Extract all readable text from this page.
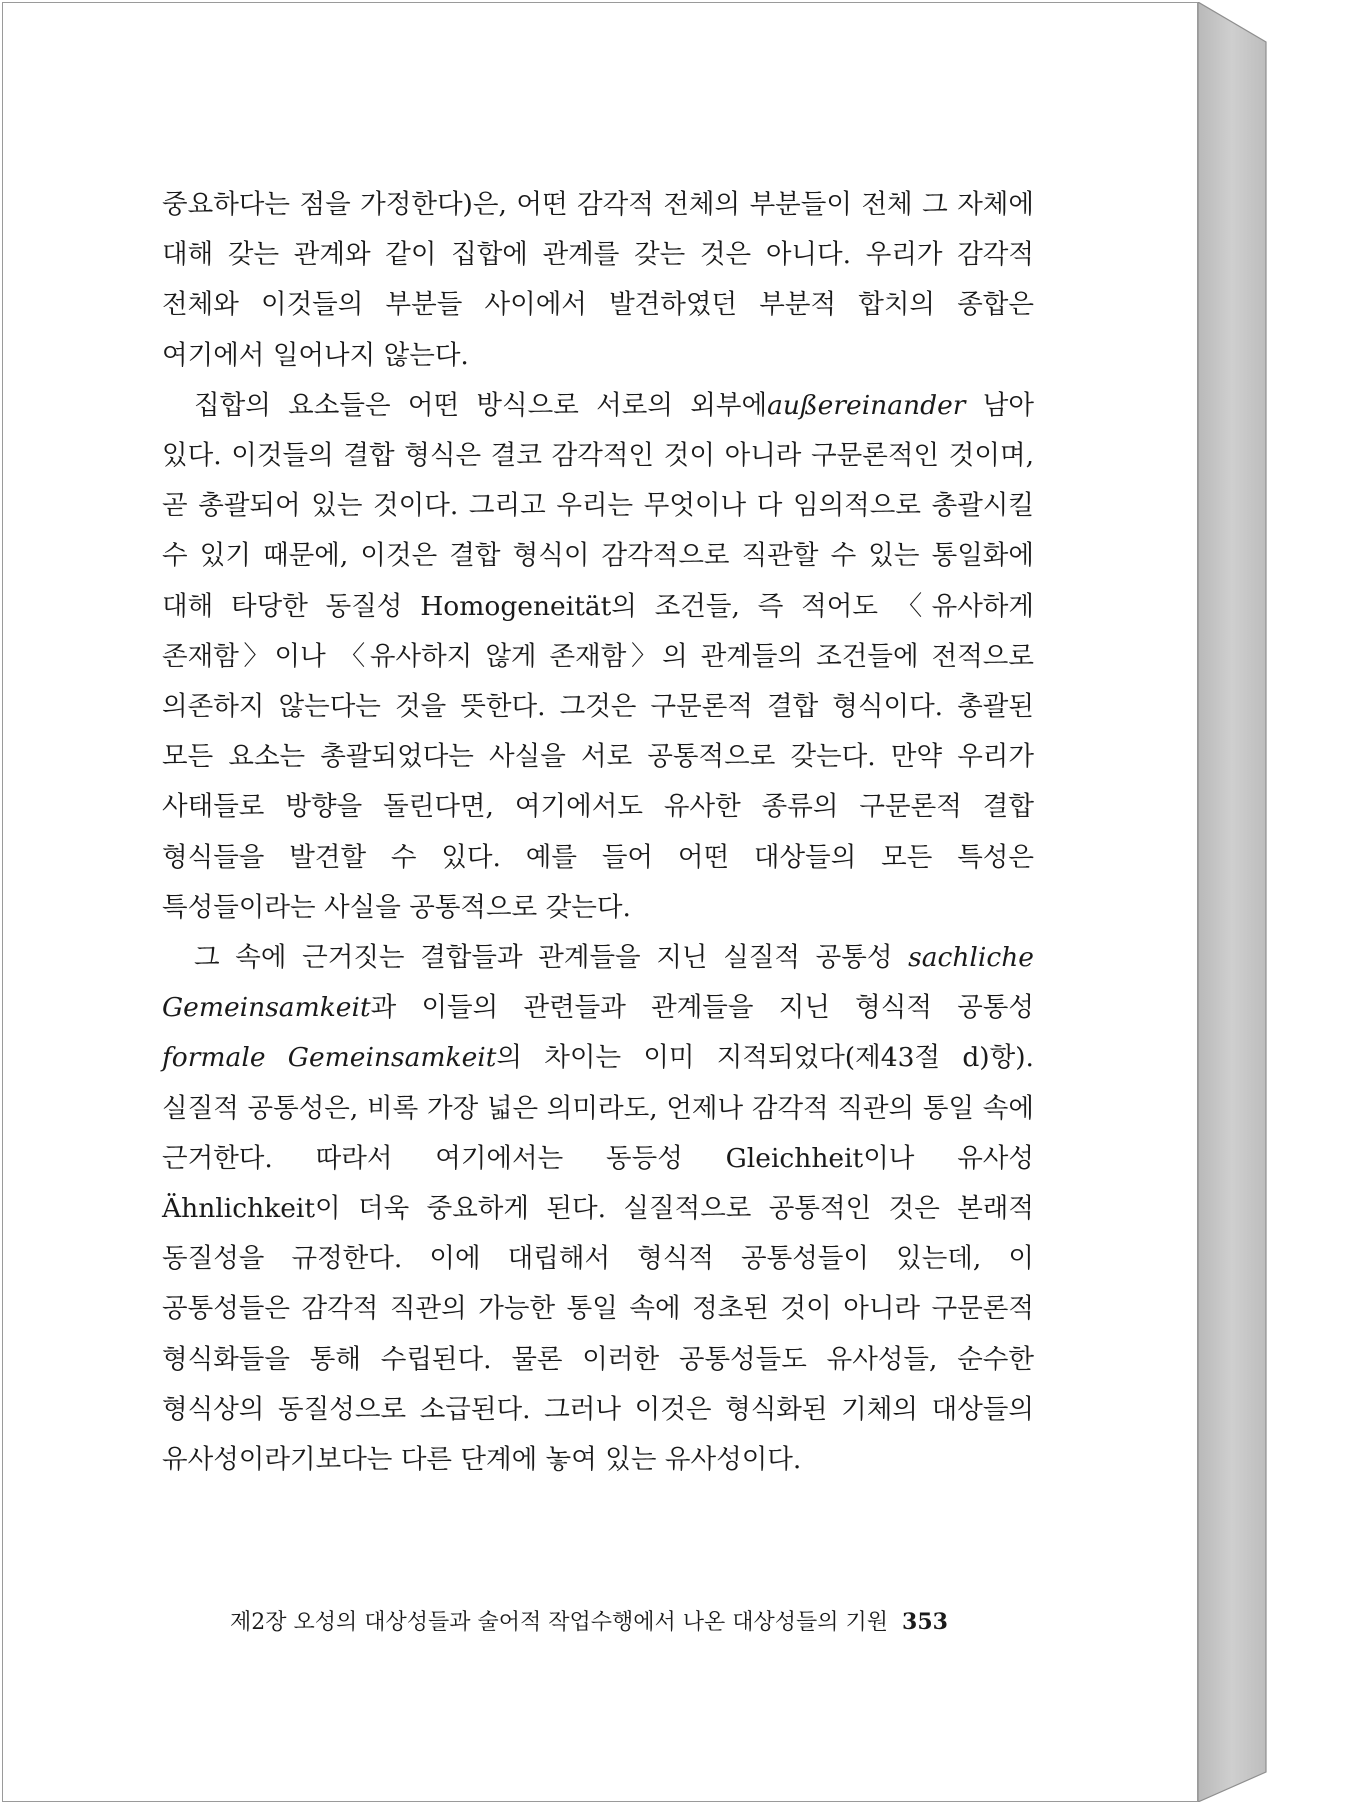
중요하다는 점을 가정한다)은, 어떤 감각적 전체의 부분들이 전체 그 자체에 대해 갖는 관계와 같이 집합에 관계를 갖는 것은 아니다. 우리가 감각적 전체와 이것들의 부분들 사이에서 발견하였던 부분적 합치의 종합은 여기에서 일어나지 않는다.

집합의 요소들은 어떤 방식으로 서로의 외부에außereinander 남아 있다. 이것들의 결합 형식은 결코 감각적인 것이 아니라 구문론적인 것이며, 곧 총괄되어 있는 것이다. 그리고 우리는 무엇이나 다 임의적으로 총괄시킬 수 있기 때문에, 이것은 결합 형식이 감각적으로 직관할 수 있는 통일화에 대해 타당한 동질성 Homogeneität의 조건들, 즉 적어도 〈유사하게 존재함〉이나 〈유사하지 않게 존재함〉의 관계들의 조건들에 전적으로 의존하지 않는다는 것을 뜻한다. 그것은 구문론적 결합 형식이다. 총괄된 모든 요소는 총괄되었다는 사실을 서로 공통적으로 갖는다. 만약 우리가 사태들로 방향을 돌린다면, 여기에서도 유사한 종류의 구문론적 결합 형식들을 발견할 수 있다. 예를 들어 어떤 대상들의 모든 특성은 특성들이라는 사실을 공통적으로 갖는다.

그 속에 근거짓는 결합들과 관계들을 지닌 실질적 공통성 sachliche Gemeinsamkeit과 이들의 관련들과 관계들을 지닌 형식적 공통성 formale Gemeinsamkeit의 차이는 이미 지적되었다(제43절 d)항). 실질적 공통성은, 비록 가장 넓은 의미라도, 언제나 감각적 직관의 통일 속에 근거한다. 따라서 여기에서는 동등성 Gleichheit이나 유사성 Ähnlichkeit이 더욱 중요하게 된다. 실질적으로 공통적인 것은 본래적 동질성을 규정한다. 이에 대립해서 형식적 공통성들이 있는데, 이 공통성들은 감각적 직관의 가능한 통일 속에 정초된 것이 아니라 구문론적 형식화들을 통해 수립된다. 물론 이러한 공통성들도 유사성들, 순수한 형식상의 동질성으로 소급된다. 그러나 이것은 형식화된 기체의 대상들의 유사성이라기보다는 다른 단계에 놓여 있는 유사성이다.

제2장 오성의 대상성들과 술어적 작업수행에서 나온 대상성들의 기원 353
